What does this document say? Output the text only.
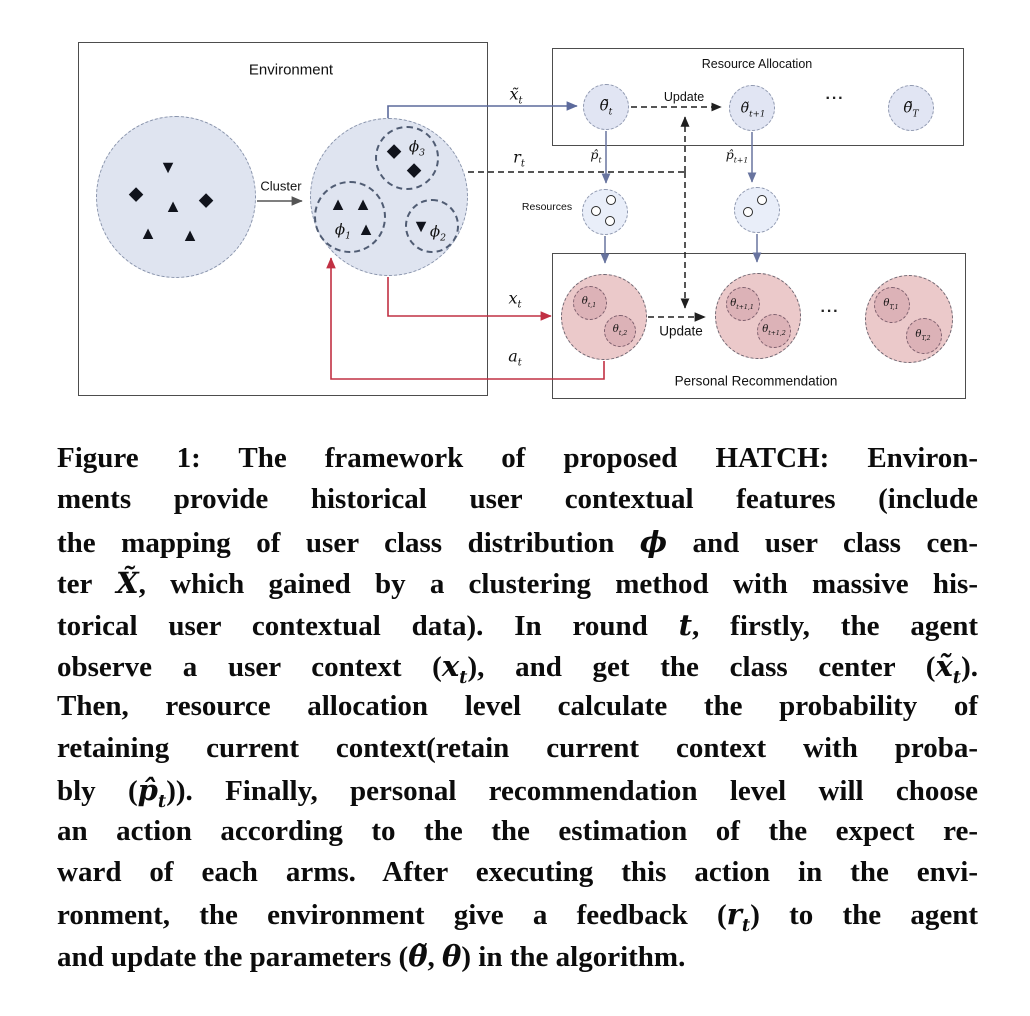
▼
◆	◆
▲
▲ ▲
◆
◆
▲ ▲
▲ ▼
Environment
Cluster
Resource Allocation
Personal Recommendation
Update
Update
Resources
···
···
$x̃_t$
$r_t$
$x_t$
$a_t$
$p̂_t$	$p̂_{t+1}$
$\thetã_t$	$\thetã_{t+1}$	$\thetã_T$
$\theta_{t,1}$
$\theta_{t,2}$
$\theta_{t+1,1}$
$\theta_{t+1,2}$
$\theta_{T,1}$
$\theta_{T,2}$
$\phi_1$	$\phi_2$
$\phi_3$
Figure 1: The framework of proposed HATCH: Environ-
ments provide historical user contextual features (include
the mapping of user class distribution ϕ and user class cen-
ter X̃, which gained by a clustering method with massive his-
torical user contextual data). In round t, firstly, the agent
observe a user context $(x_t)$, and get the class center $(x̃_t)$.
Then, resource allocation level calculate the probability of
retaining current context(retain current context with proba-
bly $(p̂_t)$). Finally, personal recommendation level will choose
an action according to the the estimation of the expect re-
ward of each arms. After executing this action in the envi-
ronment, the environment give a feedback $(r_t)$ to the agent
and update the parameters (θ̃, θ) in the algorithm.
